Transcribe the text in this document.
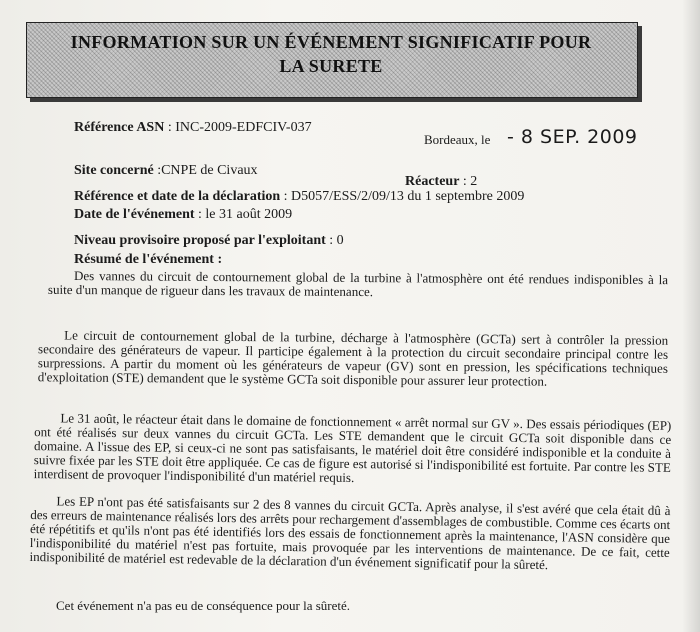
INFORMATION SUR UN ÉVÉNEMENT SIGNIFICATIF POUR
LA SURETE
Référence ASN : INC-2009-EDFCIV-037
Bordeaux, le - 8 SEP. 2009
Site concerné :CNPE de Civaux
Réacteur : 2
Référence et date de la déclaration : D5057/ESS/2/09/13 du 1 septembre 2009
Date de l'événement : le 31 août 2009
Niveau provisoire proposé par l'exploitant : 0
Résumé de l'événement :
Des vannes du circuit de contournement global de la turbine à l'atmosphère ont été rendues indisponibles à la suite d'un manque de rigueur dans les travaux de maintenance.
Le circuit de contournement global de la turbine, décharge à l'atmosphère (GCTa) sert à contrôler la pression secondaire des générateurs de vapeur. Il participe également à la protection du circuit secondaire principal contre les surpressions. A partir du moment où les générateurs de vapeur (GV) sont en pression, les spécifications techniques d'exploitation (STE) demandent que le système GCTa soit disponible pour assurer leur protection.
Le 31 août, le réacteur était dans le domaine de fonctionnement « arrêt normal sur GV ». Des essais périodiques (EP) ont été réalisés sur deux vannes du circuit GCTa. Les STE demandent que le circuit GCTa soit disponible dans ce domaine. A l'issue des EP, si ceux-ci ne sont pas satisfaisants, le matériel doit être considéré indisponible et la conduite à suivre fixée par les STE doit être appliquée. Ce cas de figure est autorisé si l'indisponibilité est fortuite. Par contre les STE interdisent de provoquer l'indisponibilité d'un matériel requis.
Les EP n'ont pas été satisfaisants sur 2 des 8 vannes du circuit GCTa. Après analyse, il s'est avéré que cela était dû à des erreurs de maintenance réalisés lors des arrêts pour rechargement d'assemblages de combustible. Comme ces écarts ont été répétitifs et qu'ils n'ont pas été identifiés lors des essais de fonctionnement après la maintenance, l'ASN considère que l'indisponibilité du matériel n'est pas fortuite, mais provoquée par les interventions de maintenance. De ce fait, cette indisponibilité de matériel est redevable de la déclaration d'un événement significatif pour la sûreté.
Cet événement n'a pas eu de conséquence pour la sûreté.
